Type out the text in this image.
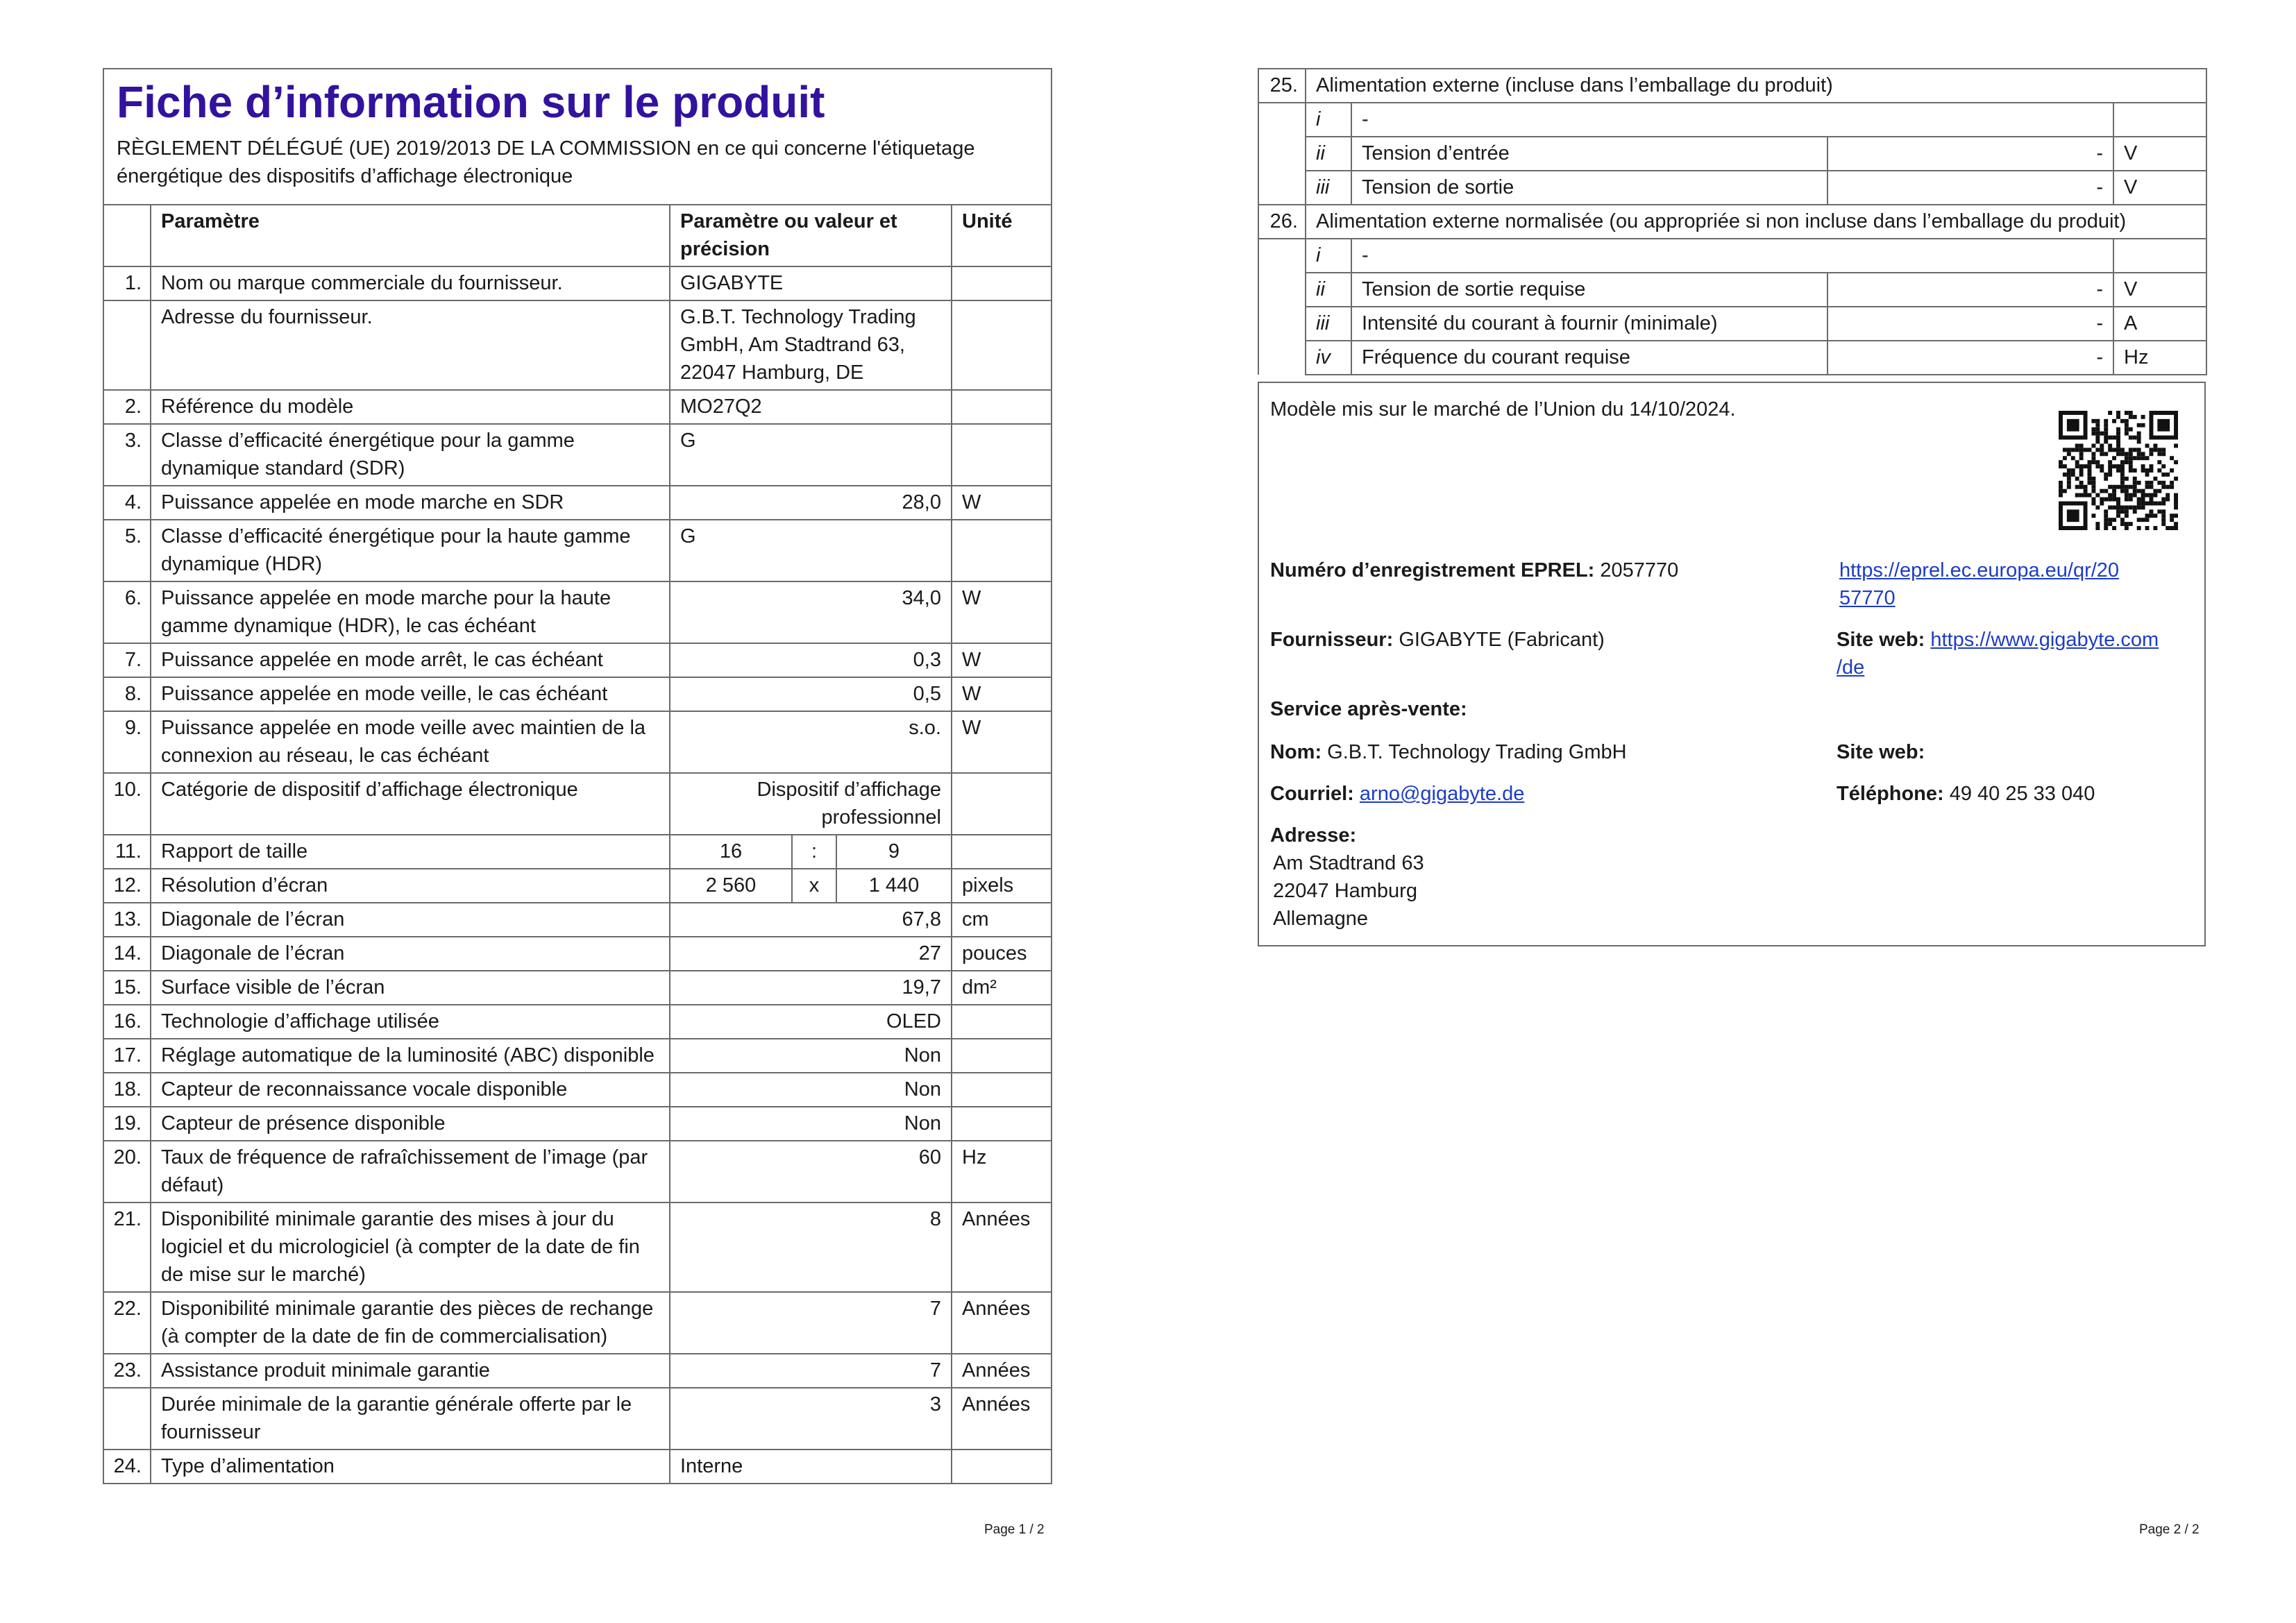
Fiche d’information sur le produit
RÈGLEMENT DÉLÉGUÉ (UE) 2019/2013 DE LA COMMISSION en ce qui concerne l'étiquetage énergétique des dispositifs d’affichage électronique					

	Paramètre	Paramètre ou valeur et précision			Unité
1.	Nom ou marque commerciale du fournisseur.	GIGABYTE			
	Adresse du fournisseur.	G.B.T. Technology Trading GmbH, Am Stadtrand 63, 22047 Hamburg, DE			
2.	Référence du modèle	MO27Q2			
3.	Classe d’efficacité énergétique pour la gamme dynamique standard (SDR)	G			
4.	Puissance appelée en mode marche en SDR	28,0			W
5.	Classe d’efficacité énergétique pour la haute gamme dynamique (HDR)	G			
6.	Puissance appelée en mode marche pour la haute gamme dynamique (HDR), le cas échéant	34,0			W
7.	Puissance appelée en mode arrêt, le cas échéant	0,3			W
8.	Puissance appelée en mode veille, le cas échéant	0,5			W
9.	Puissance appelée en mode veille avec maintien de la connexion au réseau, le cas échéant	s.o.			W
10.	Catégorie de dispositif d’affichage électronique	Dispositif d’affichage professionnel			
11.	Rapport de taille	16	:	9	
12.	Résolution d’écran	2 560	x	1 440	pixels
13.	Diagonale de l’écran	67,8			cm
14.	Diagonale de l’écran	27			pouces
15.	Surface visible de l’écran	19,7			dm²
16.	Technologie d’affichage utilisée	OLED			
17.	Réglage automatique de la luminosité (ABC) disponible	Non			
18.	Capteur de reconnaissance vocale disponible	Non			
19.	Capteur de présence disponible	Non			
20.	Taux de fréquence de rafraîchissement de l’image (par défaut)	60			Hz
21.	Disponibilité minimale garantie des mises à jour du logiciel et du micrologiciel (à compter de la date de fin de mise sur le marché)	8			Années
22.	Disponibilité minimale garantie des pièces de rechange (à compter de la date de fin de commercialisation)	7			Années
23.	Assistance produit minimale garantie	7			Années
	Durée minimale de la garantie générale offerte par le fournisseur	3			Années
24.	Type d’alimentation	Interne			
Page 1 / 2
25.	Alimentation externe (incluse dans l’emballage du produit)			
	i	-		
	ii	Tension d’entrée	-	V
	iii	Tension de sortie	-	V
26.	Alimentation externe normalisée (ou appropriée si non incluse dans l’emballage du produit)			
	i	-		
	ii	Tension de sortie requise	-	V
	iii	Intensité du courant à fournir (minimale)	-	A
	iv	Fréquence du courant requise	-	Hz
Modèle mis sur le marché de l’Union du 14/10/2024.
Numéro d’enregistrement EPREL: 2057770	https://eprel.ec.europa.eu/qr/20
57770
Fournisseur: GIGABYTE (Fabricant)	Site web: https://www.gigabyte.com
/de
Service après-vente:
Nom: G.B.T. Technology Trading GmbH	Site web:
Courriel: arno@gigabyte.de	Téléphone: 49 40 25 33 040
Adresse:
Am Stadtrand 63
22047 Hamburg
Allemagne
Page 2 / 2
